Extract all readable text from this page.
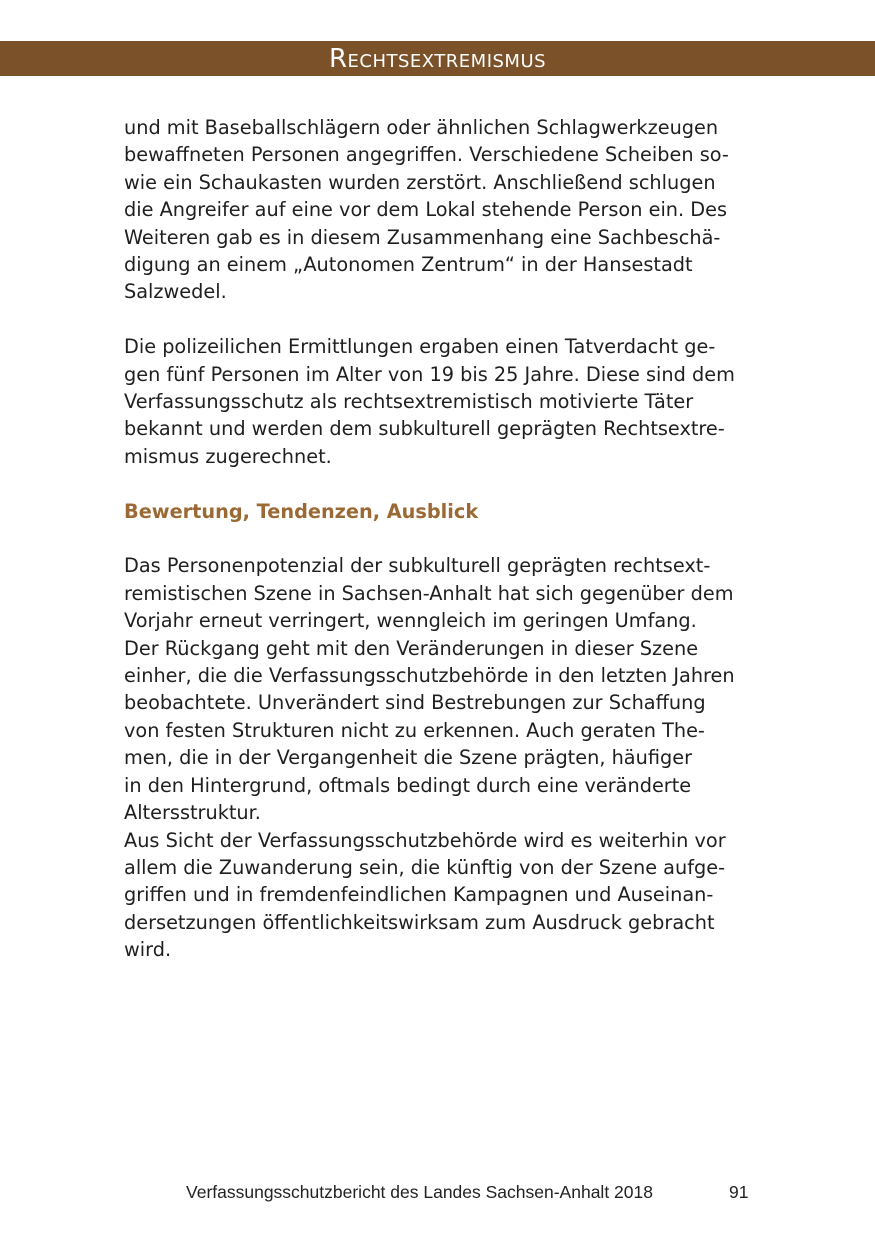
Rechtsextremismus

und mit Baseballschlägern oder ähnlichen Schlagwerkzeugen
bewaffneten Personen angegriffen. Verschiedene Scheiben so-
wie ein Schaukasten wurden zerstört. Anschließend schlugen
die Angreifer auf eine vor dem Lokal stehende Person ein. Des
Weiteren gab es in diesem Zusammenhang eine Sachbeschä-
digung an einem „Autonomen Zentrum“ in der Hansestadt
Salzwedel.

Die polizeilichen Ermittlungen ergaben einen Tatverdacht ge-
gen fünf Personen im Alter von 19 bis 25 Jahre. Diese sind dem
Verfassungsschutz als rechtsextremistisch motivierte Täter
bekannt und werden dem subkulturell geprägten Rechtsextre-
mismus zugerechnet.

Bewertung, Tendenzen, Ausblick

Das Personenpotenzial der subkulturell geprägten rechtsext-
remistischen Szene in Sachsen-Anhalt hat sich gegenüber dem
Vorjahr erneut verringert, wenngleich im geringen Umfang.
Der Rückgang geht mit den Veränderungen in dieser Szene
einher, die die Verfassungsschutzbehörde in den letzten Jahren
beobachtete. Unverändert sind Bestrebungen zur Schaffung
von festen Strukturen nicht zu erkennen. Auch geraten The-
men, die in der Vergangenheit die Szene prägten, häufiger
in den Hintergrund, oftmals bedingt durch eine veränderte
Altersstruktur.

Aus Sicht der Verfassungsschutzbehörde wird es weiterhin vor
allem die Zuwanderung sein, die künftig von der Szene aufge-
griffen und in fremdenfeindlichen Kampagnen und Auseinan-
dersetzungen öffentlichkeitswirksam zum Ausdruck gebracht
wird.

Verfassungsschutzbericht des Landes Sachsen-Anhalt 2018	91
